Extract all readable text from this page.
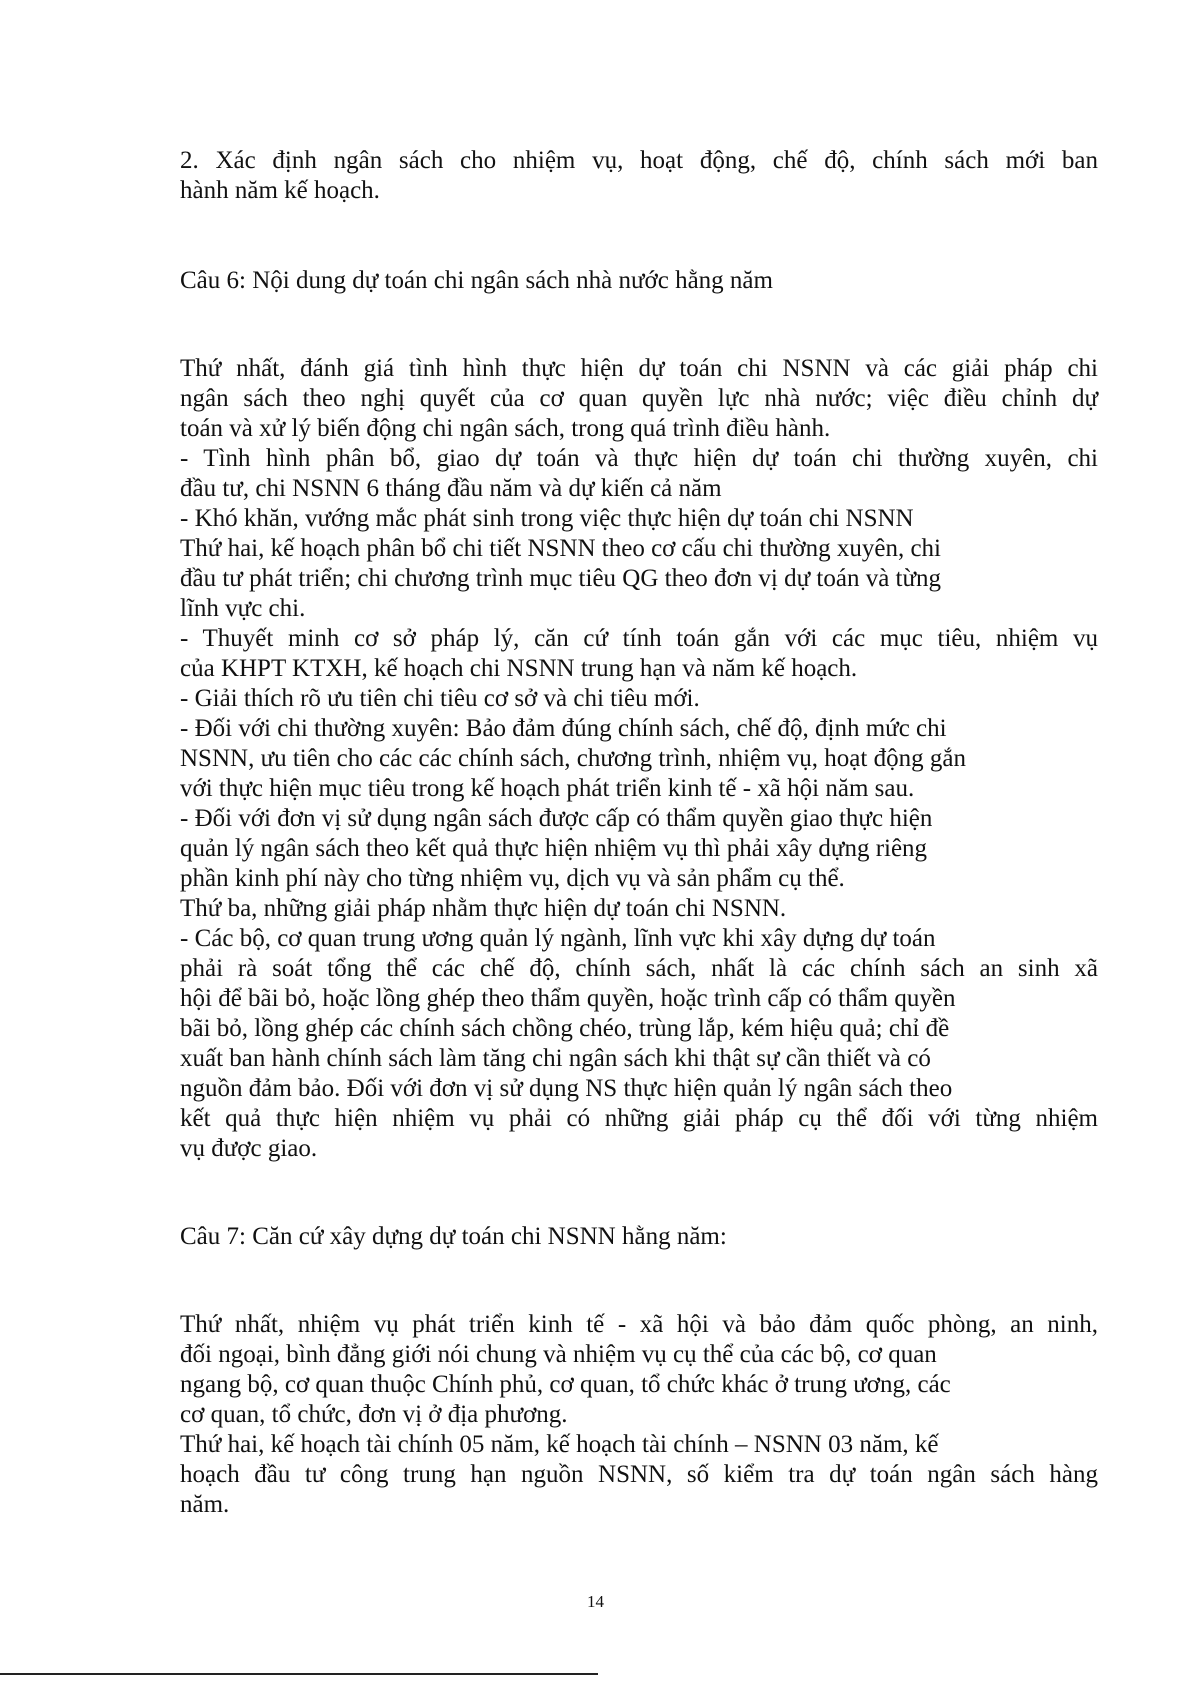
2. Xác định ngân sách cho nhiệm vụ, hoạt động, chế độ, chính sách mới ban

hành năm kế hoạch.

Câu 6: Nội dung dự toán chi ngân sách nhà nước hằng năm

Thứ nhất, đánh giá tình hình thực hiện dự toán chi NSNN và các giải pháp chi

ngân sách theo nghị quyết của cơ quan quyền lực nhà nước; việc điều chỉnh dự

toán và xử lý biến động chi ngân sách, trong quá trình điều hành.

- Tình hình phân bổ, giao dự toán và thực hiện dự toán chi thường xuyên, chi

đầu tư, chi NSNN 6 tháng đầu năm và dự kiến cả năm

- Khó khăn, vướng mắc phát sinh trong việc thực hiện dự toán chi NSNN

Thứ hai, kế hoạch phân bổ chi tiết NSNN theo cơ cấu chi thường xuyên, chi

đầu tư phát triển; chi chương trình mục tiêu QG theo đơn vị dự toán và từng

lĩnh vực chi.

- Thuyết minh cơ sở pháp lý, căn cứ tính toán gắn với các mục tiêu, nhiệm vụ

của KHPT KTXH, kế hoạch chi NSNN trung hạn và năm kế hoạch.

- Giải thích rõ ưu tiên chi tiêu cơ sở và chi tiêu mới.

- Đối với chi thường xuyên: Bảo đảm đúng chính sách, chế độ, định mức chi

NSNN, ưu tiên cho các các chính sách, chương trình, nhiệm vụ, hoạt động gắn

với thực hiện mục tiêu trong kế hoạch phát triển kinh tế - xã hội năm sau.

- Đối với đơn vị sử dụng ngân sách được cấp có thẩm quyền giao thực hiện

quản lý ngân sách theo kết quả thực hiện nhiệm vụ thì phải xây dựng riêng

phần kinh phí này cho từng nhiệm vụ, dịch vụ và sản phẩm cụ thể.

Thứ ba, những giải pháp nhằm thực hiện dự toán chi NSNN.

- Các bộ, cơ quan trung ương quản lý ngành, lĩnh vực khi xây dựng dự toán

phải rà soát tổng thể các chế độ, chính sách, nhất là các chính sách an sinh xã

hội để bãi bỏ, hoặc lồng ghép theo thẩm quyền, hoặc trình cấp có thẩm quyền

bãi bỏ, lồng ghép các chính sách chồng chéo, trùng lắp, kém hiệu quả; chỉ đề

xuất ban hành chính sách làm tăng chi ngân sách khi thật sự cần thiết và có

nguồn đảm bảo. Đối với đơn vị sử dụng NS thực hiện quản lý ngân sách theo

kết quả thực hiện nhiệm vụ phải có những giải pháp cụ thể đối với từng nhiệm

vụ được giao.

Câu 7: Căn cứ xây dựng dự toán chi NSNN hằng năm:

Thứ nhất, nhiệm vụ phát triển kinh tế - xã hội và bảo đảm quốc phòng, an ninh,

đối ngoại, bình đẳng giới nói chung và nhiệm vụ cụ thể của các bộ, cơ quan

ngang bộ, cơ quan thuộc Chính phủ, cơ quan, tổ chức khác ở trung ương, các

cơ quan, tổ chức, đơn vị ở địa phương.

Thứ hai, kế hoạch tài chính 05 năm, kế hoạch tài chính – NSNN 03 năm, kế

hoạch đầu tư công trung hạn nguồn NSNN, số kiểm tra dự toán ngân sách hàng

năm.

14
